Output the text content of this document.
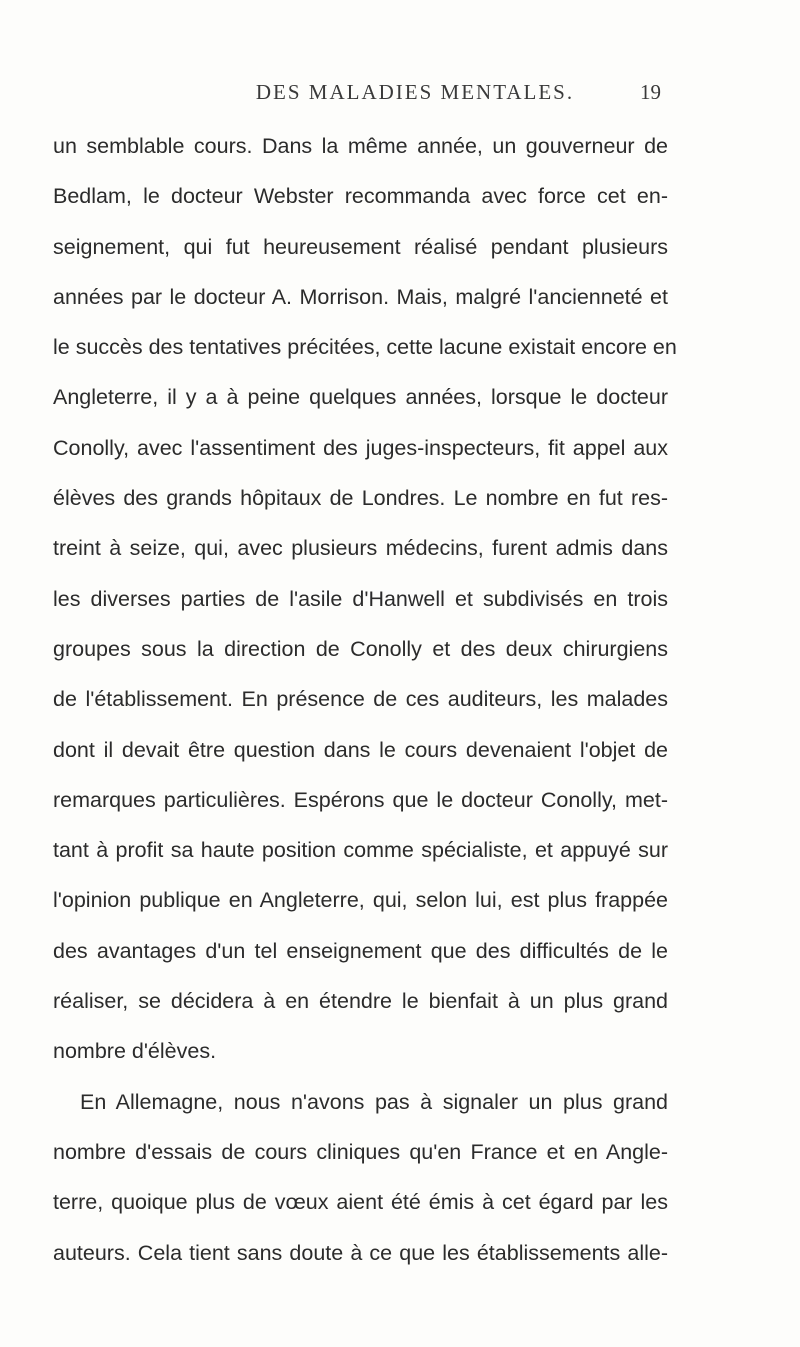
DES MALADIES MENTALES.	19
un semblable cours. Dans la même année, un gouverneur de
Bedlam, le docteur Webster recommanda avec force cet en-
seignement, qui fut heureusement réalisé pendant plusieurs
années par le docteur A. Morrison. Mais, malgré l'ancienneté et
le succès des tentatives précitées, cette lacune existait encore en
Angleterre, il y a à peine quelques années, lorsque le docteur
Conolly, avec l'assentiment des juges-inspecteurs, fit appel aux
élèves des grands hôpitaux de Londres. Le nombre en fut res-
treint à seize, qui, avec plusieurs médecins, furent admis dans
les diverses parties de l'asile d'Hanwell et subdivisés en trois
groupes sous la direction de Conolly et des deux chirurgiens
de l'établissement. En présence de ces auditeurs, les malades
dont il devait être question dans le cours devenaient l'objet de
remarques particulières. Espérons que le docteur Conolly, met-
tant à profit sa haute position comme spécialiste, et appuyé sur
l'opinion publique en Angleterre, qui, selon lui, est plus frappée
des avantages d'un tel enseignement que des difficultés de le
réaliser, se décidera à en étendre le bienfait à un plus grand
nombre d'élèves.
En Allemagne, nous n'avons pas à signaler un plus grand
nombre d'essais de cours cliniques qu'en France et en Angle-
terre, quoique plus de vœux aient été émis à cet égard par les
auteurs. Cela tient sans doute à ce que les établissements alle-
